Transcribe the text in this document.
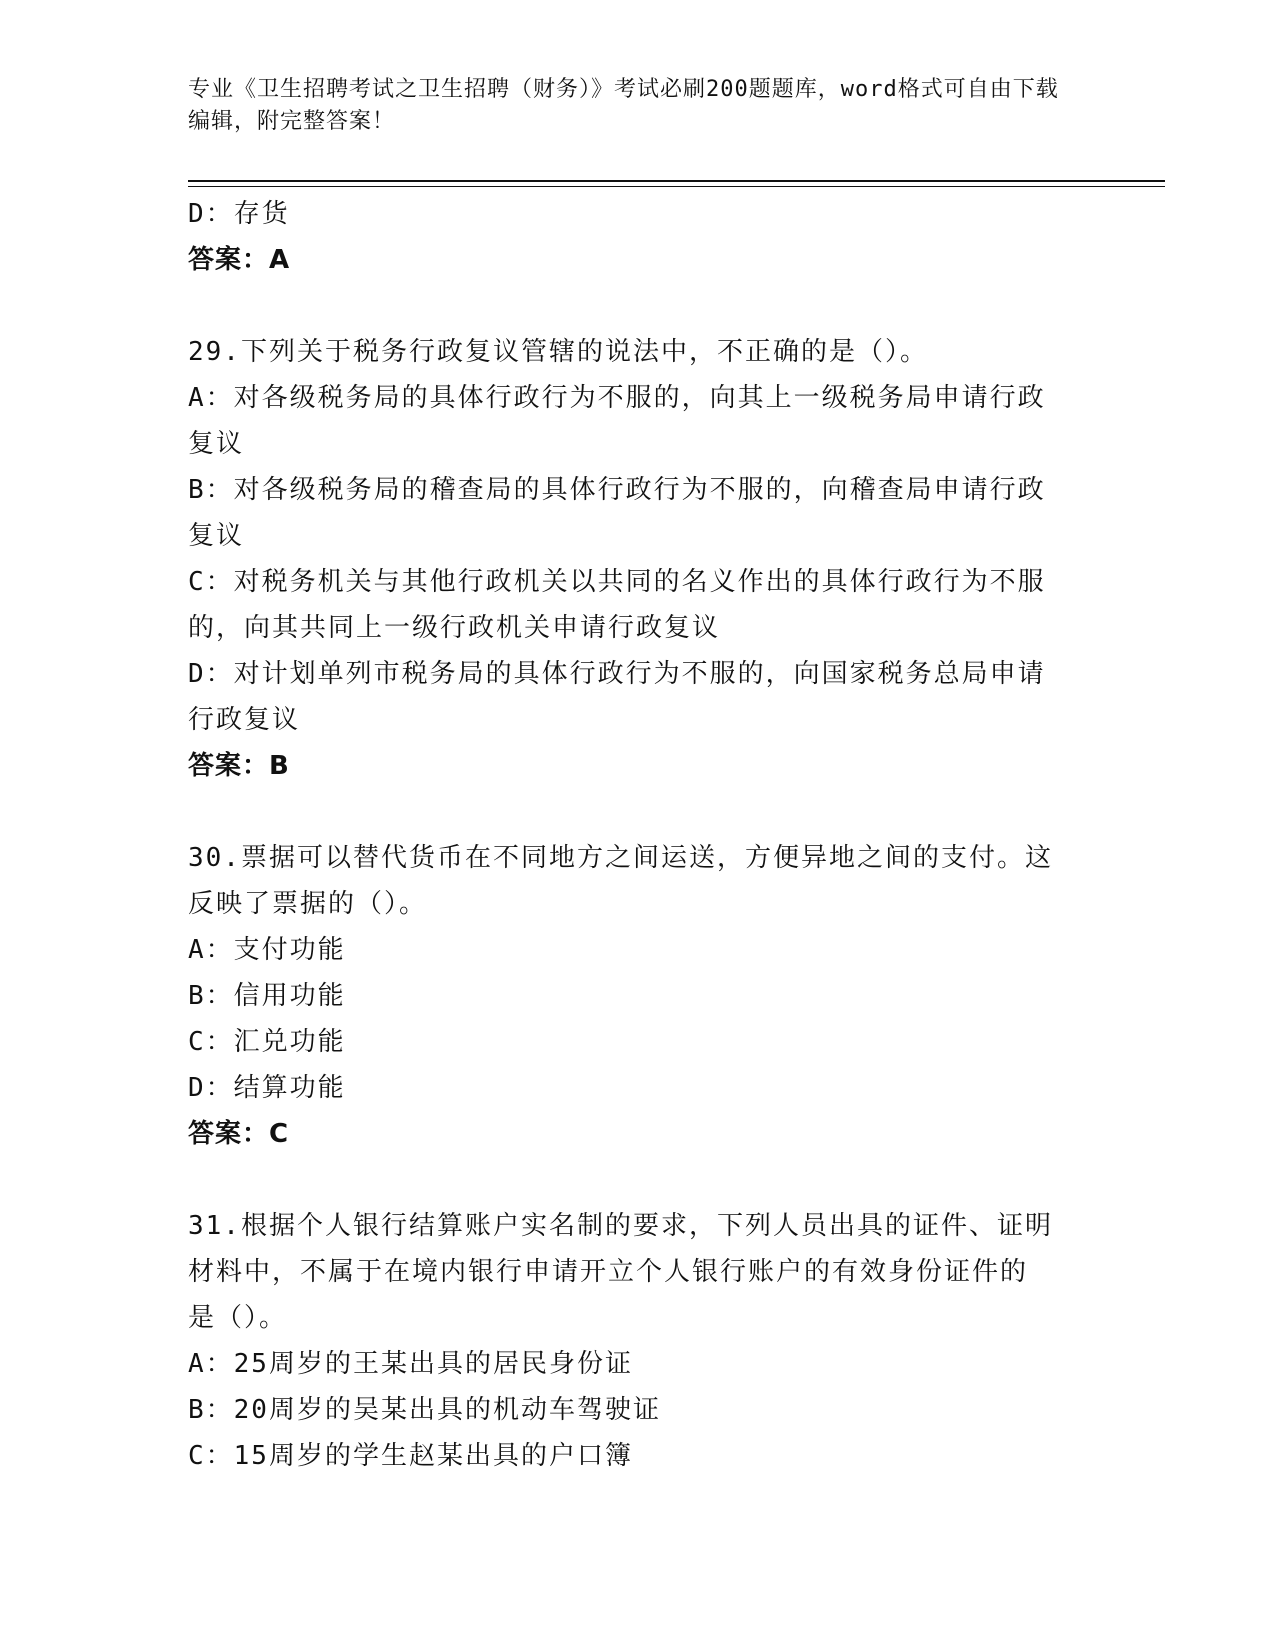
专业《卫生招聘考试之卫生招聘（财务）》考试必刷200题题库，word格式可自由下载编辑，附完整答案！
D：存货
答案：A
29.下列关于税务行政复议管辖的说法中，不正确的是（）。
A：对各级税务局的具体行政行为不服的，向其上一级税务局申请行政
复议
B：对各级税务局的稽查局的具体行政行为不服的，向稽查局申请行政
复议
C：对税务机关与其他行政机关以共同的名义作出的具体行政行为不服
的，向其共同上一级行政机关申请行政复议
D：对计划单列市税务局的具体行政行为不服的，向国家税务总局申请
行政复议
答案：B
30.票据可以替代货币在不同地方之间运送，方便异地之间的支付。这
反映了票据的（）。
A：支付功能
B：信用功能
C：汇兑功能
D：结算功能
答案：C
31.根据个人银行结算账户实名制的要求，下列人员出具的证件、证明
材料中，不属于在境内银行申请开立个人银行账户的有效身份证件的
是（）。
A：25周岁的王某出具的居民身份证
B：20周岁的吴某出具的机动车驾驶证
C：15周岁的学生赵某出具的户口簿
